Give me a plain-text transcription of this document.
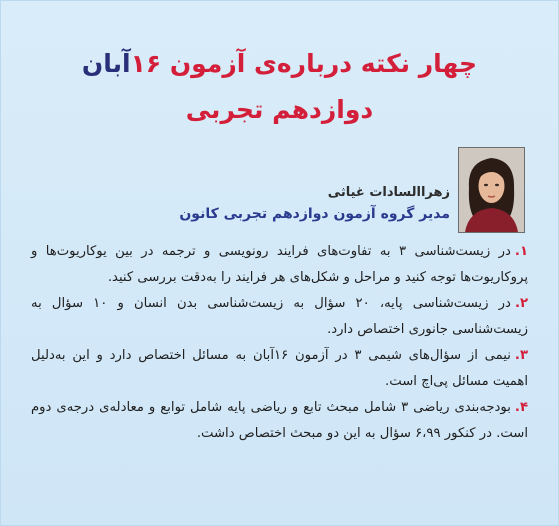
چهار نکته درباره‌ی آزمون ۱۶آبان
دوازدهم تجربی
زهراالسادات غیاثی
مدیر گروه آزمون دوازدهم تجربی کانون

۱.در زیست‌شناسی ۳ به تفاوت‌های فرایند رونویسی و ترجمه در بین یوکاریوت‌ها و پروکاریوت‌ها توجه کنید و مراحل و شکل‌های هر فرایند را به‌دقت بررسی کنید.

۲.در زیست‌شناسی پایه، ۲۰ سؤال به زیست‌شناسی بدن انسان و ۱۰ سؤال به زیست‌شناسی جانوری اختصاص دارد.

۳.نیمی از سؤال‌های شیمی ۳ در آزمون ۱۶آبان به مسائل اختصاص دارد و این به‌دلیل اهمیت مسائل پی‌اچ است.

۴.بودجه‌بندی ریاضی ۳ شامل مبحث تابع و ریاضی پایه شامل توابع و معادله‌ی درجه‌ی دوم است. در کنکور ۶،۹۹ سؤال به این دو مبحث اختصاص داشت.
